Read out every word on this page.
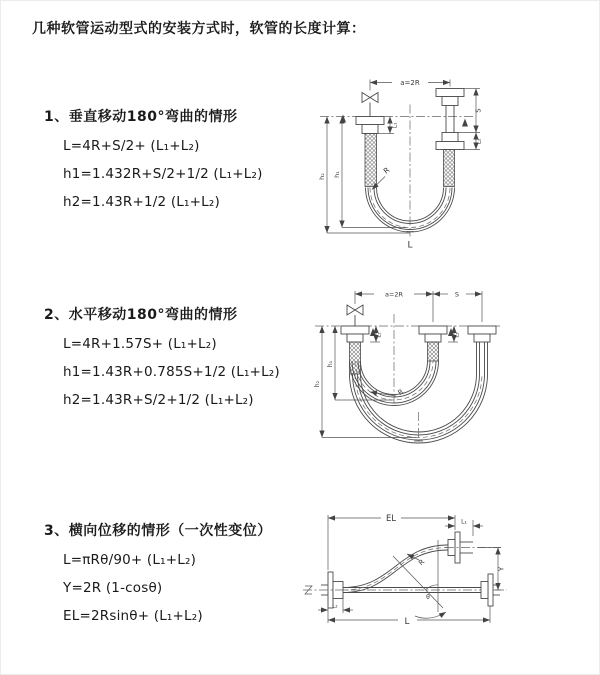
几种软管运动型式的安装方式时，软管的长度计算：
1、垂直移动180°弯曲的情形
L=4R+S/2+ (L₁+L₂)
h1=1.432R+S/2+1/2 (L₁+L₂)
h2=1.43R+1/2 (L₁+L₂)
a=2R
h₂ h₁
L₁
S
L₂
R
L
2、水平移动180°弯曲的情形
L=4R+1.57S+ (L₁+L₂)
h1=1.43R+0.785S+1/2 (L₁+L₂)
h2=1.43R+S/2+1/2 (L₁+L₂)
a=2R	S
L₁	L₂
h₁
h₂
R
3、横向位移的情形（一次性变位）
L=πRθ/90+ (L₁+L₂)
Y=2R (1-cosθ)
EL=2Rsinθ+ (L₁+L₂)
EL	L₁
θ
R
Y
L₂
L
